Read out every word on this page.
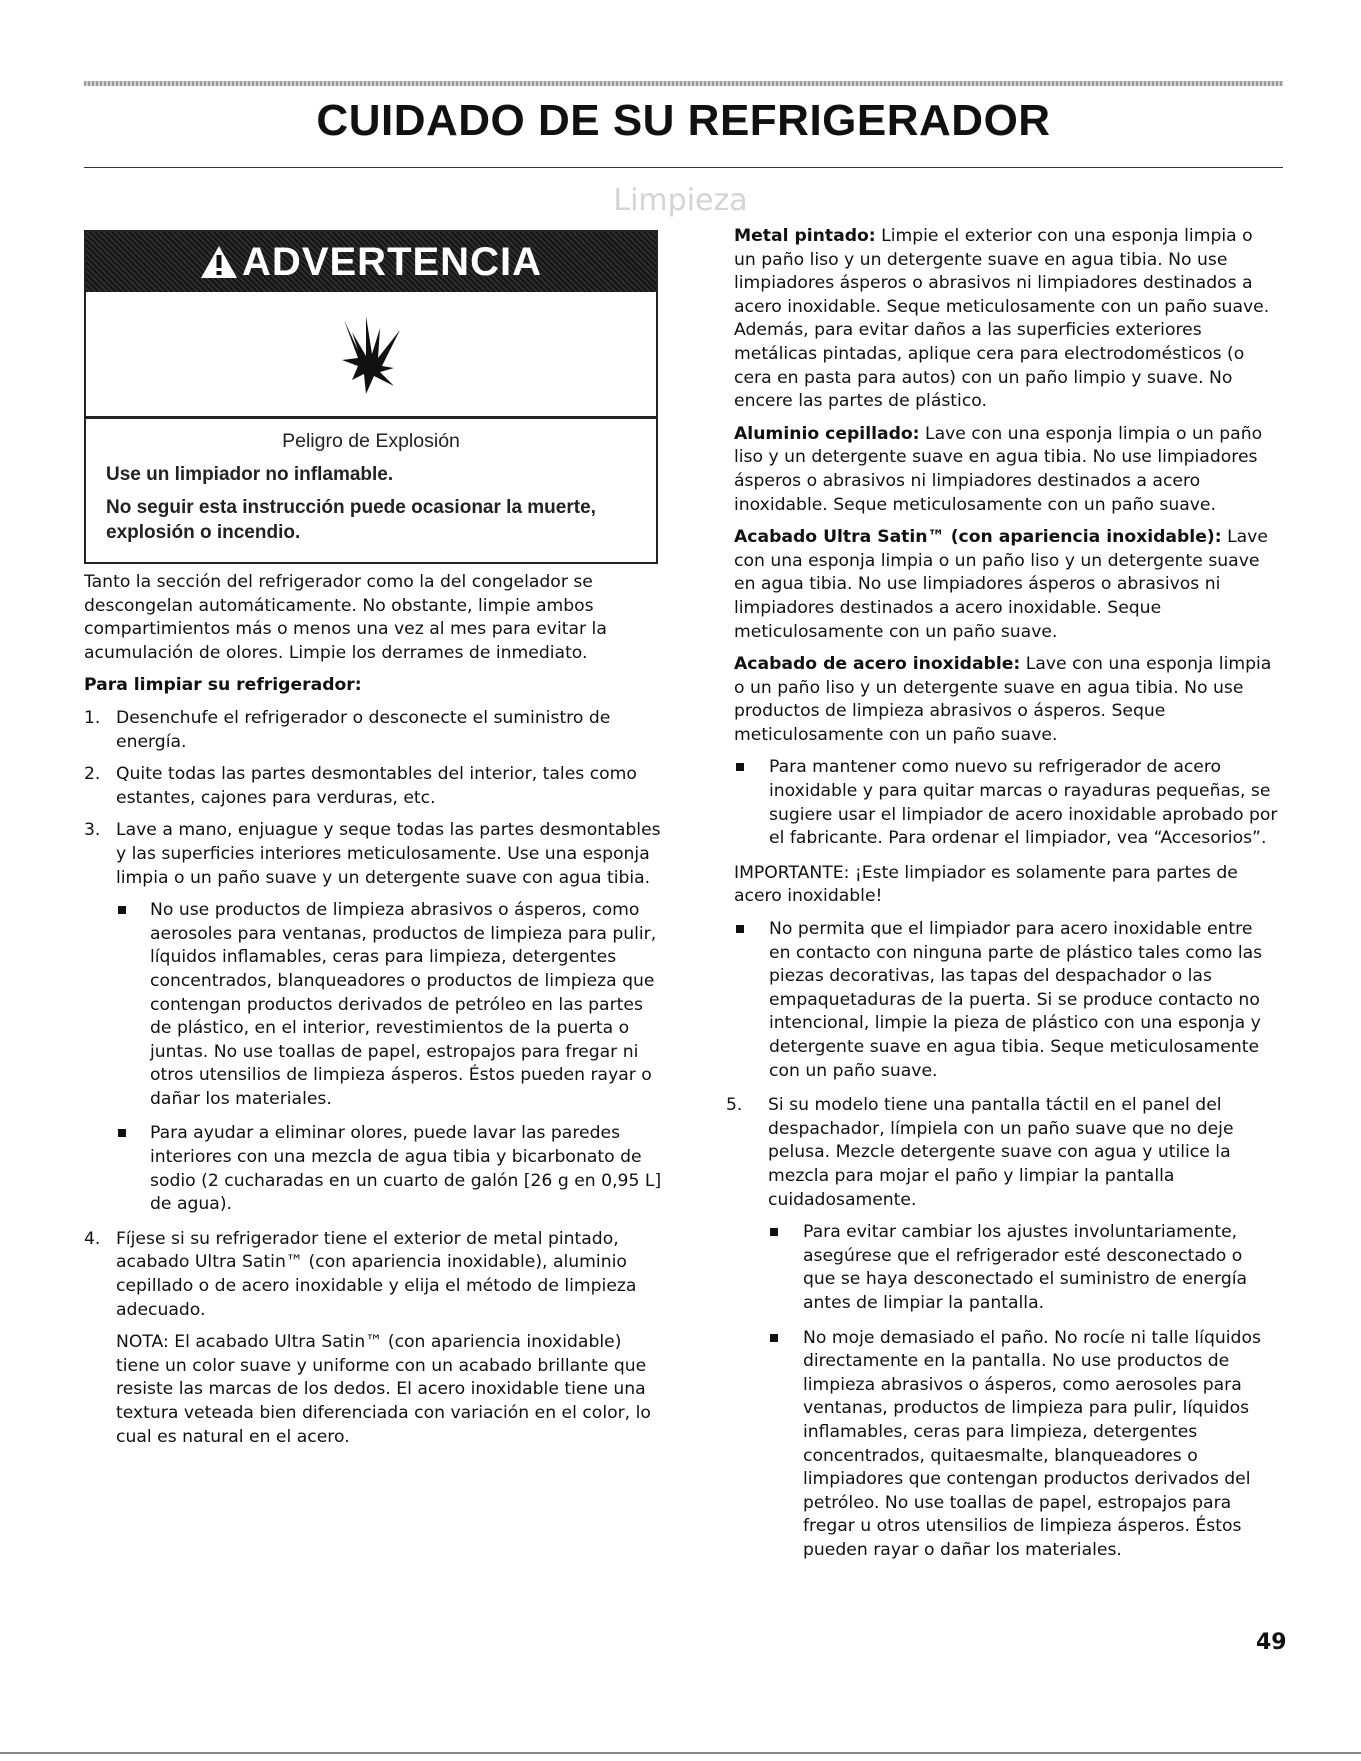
CUIDADO DE SU REFRIGERADOR
Limpieza
ADVERTENCIA

Peligro de Explosión

Use un limpiador no inflamable.

No seguir esta instrucción puede ocasionar la muerte, explosión o incendio.

Tanto la sección del refrigerador como la del congelador se descongelan automáticamente. No obstante, limpie ambos compartimientos más o menos una vez al mes para evitar la acumulación de olores. Limpie los derrames de inmediato.

Para limpiar su refrigerador:

1. Desenchufe el refrigerador o desconecte el suministro de energía.
2. Quite todas las partes desmontables del interior, tales como estantes, cajones para verduras, etc.
3. Lave a mano, enjuague y seque todas las partes desmontables y las superficies interiores meticulosamente. Use una esponja limpia o un paño suave y un detergente suave con agua tibia.
No use productos de limpieza abrasivos o ásperos, como aerosoles para ventanas, productos de limpieza para pulir, líquidos inflamables, ceras para limpieza, detergentes concentrados, blanqueadores o productos de limpieza que contengan productos derivados de petróleo en las partes de plástico, en el interior, revestimientos de la puerta o juntas. No use toallas de papel, estropajos para fregar ni otros utensilios de limpieza ásperos. Éstos pueden rayar o dañar los materiales.
Para ayudar a eliminar olores, puede lavar las paredes interiores con una mezcla de agua tibia y bicarbonato de sodio (2 cucharadas en un cuarto de galón [26 g en 0,95 L] de agua).
4. Fíjese si su refrigerador tiene el exterior de metal pintado, acabado Ultra Satin™ (con apariencia inoxidable), aluminio cepillado o de acero inoxidable y elija el método de limpieza adecuado.

NOTA: El acabado Ultra Satin™ (con apariencia inoxidable) tiene un color suave y uniforme con un acabado brillante que resiste las marcas de los dedos. El acero inoxidable tiene una textura veteada bien diferenciada con variación en el color, lo cual es natural en el acero.

Metal pintado: Limpie el exterior con una esponja limpia o un paño liso y un detergente suave en agua tibia. No use limpiadores ásperos o abrasivos ni limpiadores destinados a acero inoxidable. Seque meticulosamente con un paño suave. Además, para evitar daños a las superficies exteriores metálicas pintadas, aplique cera para electrodomésticos (o cera en pasta para autos) con un paño limpio y suave. No encere las partes de plástico.

Aluminio cepillado: Lave con una esponja limpia o un paño liso y un detergente suave en agua tibia. No use limpiadores ásperos o abrasivos ni limpiadores destinados a acero inoxidable. Seque meticulosamente con un paño suave.

Acabado Ultra Satin™ (con apariencia inoxidable): Lave con una esponja limpia o un paño liso y un detergente suave en agua tibia. No use limpiadores ásperos o abrasivos ni limpiadores destinados a acero inoxidable. Seque meticulosamente con un paño suave.

Acabado de acero inoxidable: Lave con una esponja limpia o un paño liso y un detergente suave en agua tibia. No use productos de limpieza abrasivos o ásperos. Seque meticulosamente con un paño suave.

Para mantener como nuevo su refrigerador de acero inoxidable y para quitar marcas o rayaduras pequeñas, se sugiere usar el limpiador de acero inoxidable aprobado por el fabricante. Para ordenar el limpiador, vea “Accesorios”.

IMPORTANTE: ¡Este limpiador es solamente para partes de acero inoxidable!

No permita que el limpiador para acero inoxidable entre en contacto con ninguna parte de plástico tales como las piezas decorativas, las tapas del despachador o las empaquetaduras de la puerta. Si se produce contacto no intencional, limpie la pieza de plástico con una esponja y detergente suave en agua tibia. Seque meticulosamente con un paño suave.
5. Si su modelo tiene una pantalla táctil en el panel del despachador, límpiela con un paño suave que no deje pelusa. Mezcle detergente suave con agua y utilice la mezcla para mojar el paño y limpiar la pantalla cuidadosamente.
Para evitar cambiar los ajustes involuntariamente, asegúrese que el refrigerador esté desconectado o que se haya desconectado el suministro de energía antes de limpiar la pantalla.
No moje demasiado el paño. No rocíe ni talle líquidos directamente en la pantalla. No use productos de limpieza abrasivos o ásperos, como aerosoles para ventanas, productos de limpieza para pulir, líquidos inflamables, ceras para limpieza, detergentes concentrados, quitaesmalte, blanqueadores o limpiadores que contengan productos derivados del petróleo. No use toallas de papel, estropajos para fregar u otros utensilios de limpieza ásperos. Éstos pueden rayar o dañar los materiales.
49
